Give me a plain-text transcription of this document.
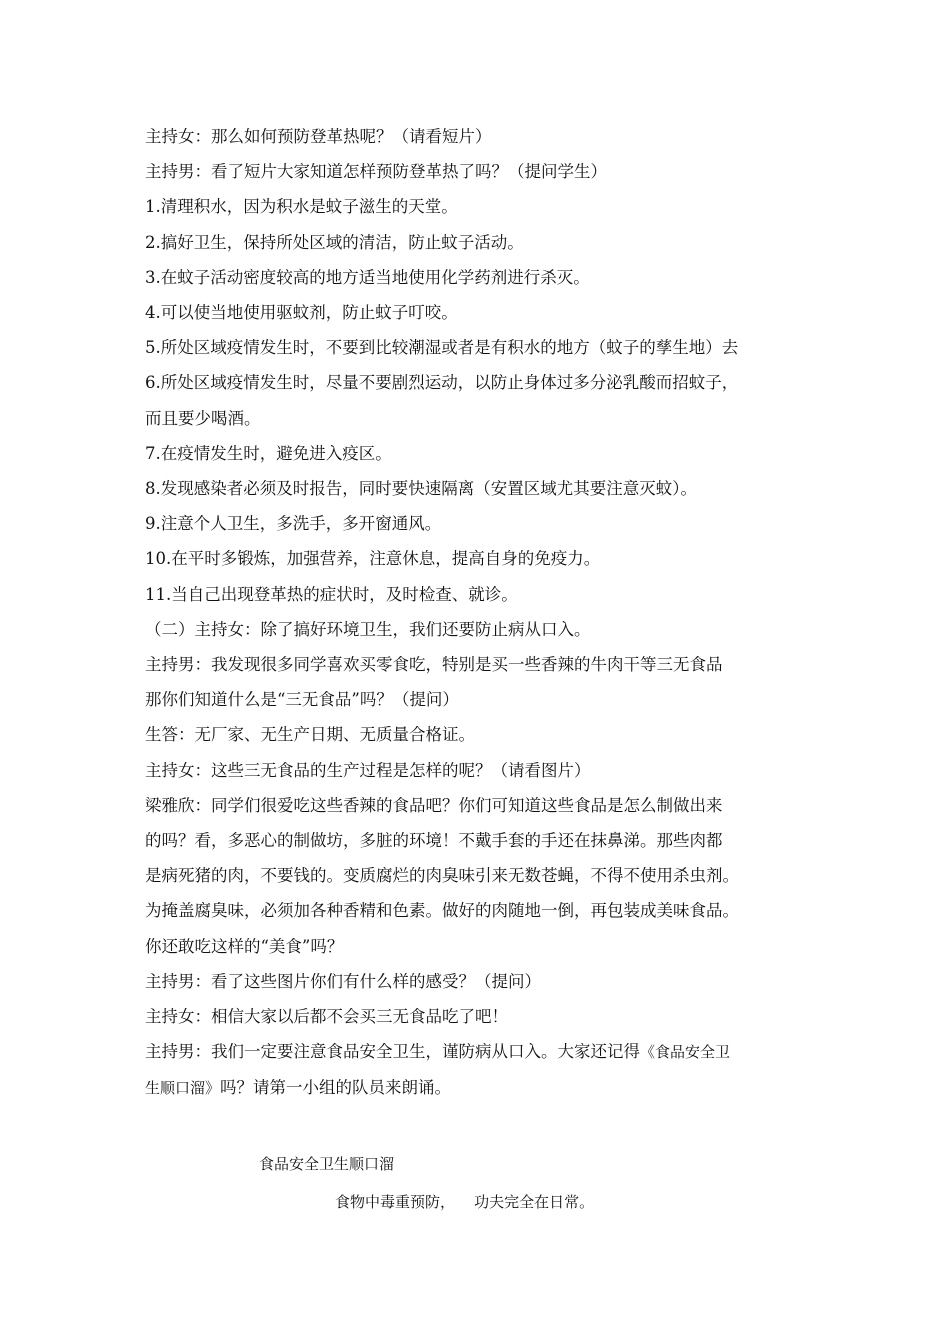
主持女：那么如何预防登革热呢？（请看短片）

主持男：看了短片大家知道怎样预防登革热了吗？（提问学生）

1.清理积水，因为积水是蚊子滋生的天堂。

2.搞好卫生，保持所处区域的清洁，防止蚊子活动。

3.在蚊子活动密度较高的地方适当地使用化学药剂进行杀灭。

4.可以使当地使用驱蚊剂，防止蚊子叮咬。

5.所处区域疫情发生时，不要到比较潮湿或者是有积水的地方（蚊子的孳生地）去

6.所处区域疫情发生时，尽量不要剧烈运动，以防止身体过多分泌乳酸而招蚊子，

而且要少喝酒。

7.在疫情发生时，避免进入疫区。

8.发现感染者必须及时报告，同时要快速隔离（安置区域尤其要注意灭蚊）。

9.注意个人卫生，多洗手，多开窗通风。

10.在平时多锻炼，加强营养，注意休息，提高自身的免疫力。

11.当自己出现登革热的症状时，及时检查、就诊。

（二）主持女：除了搞好环境卫生，我们还要防止病从口入。

主持男：我发现很多同学喜欢买零食吃，特别是买一些香辣的牛肉干等三无食品

那你们知道什么是“三无食品”吗？（提问）

生答：无厂家、无生产日期、无质量合格证。

主持女：这些三无食品的生产过程是怎样的呢？（请看图片）

梁雅欣：同学们很爱吃这些香辣的食品吧？你们可知道这些食品是怎么制做出来

的吗？看，多恶心的制做坊，多脏的环境！不戴手套的手还在抹鼻涕。那些肉都

是病死猪的肉，不要钱的。变质腐烂的肉臭味引来无数苍蝇，不得不使用杀虫剂。

为掩盖腐臭味，必须加各种香精和色素。做好的肉随地一倒，再包装成美味食品。

你还敢吃这样的“美食”吗？

主持男：看了这些图片你们有什么样的感受？（提问）

主持女：相信大家以后都不会买三无食品吃了吧！

主持男：我们一定要注意食品安全卫生，谨防病从口入。大家还记得《食品安全卫

生顺口溜》吗？请第一小组的队员来朗诵。

食品安全卫生顺口溜
食物中毒重预防，    功夫完全在日常。
